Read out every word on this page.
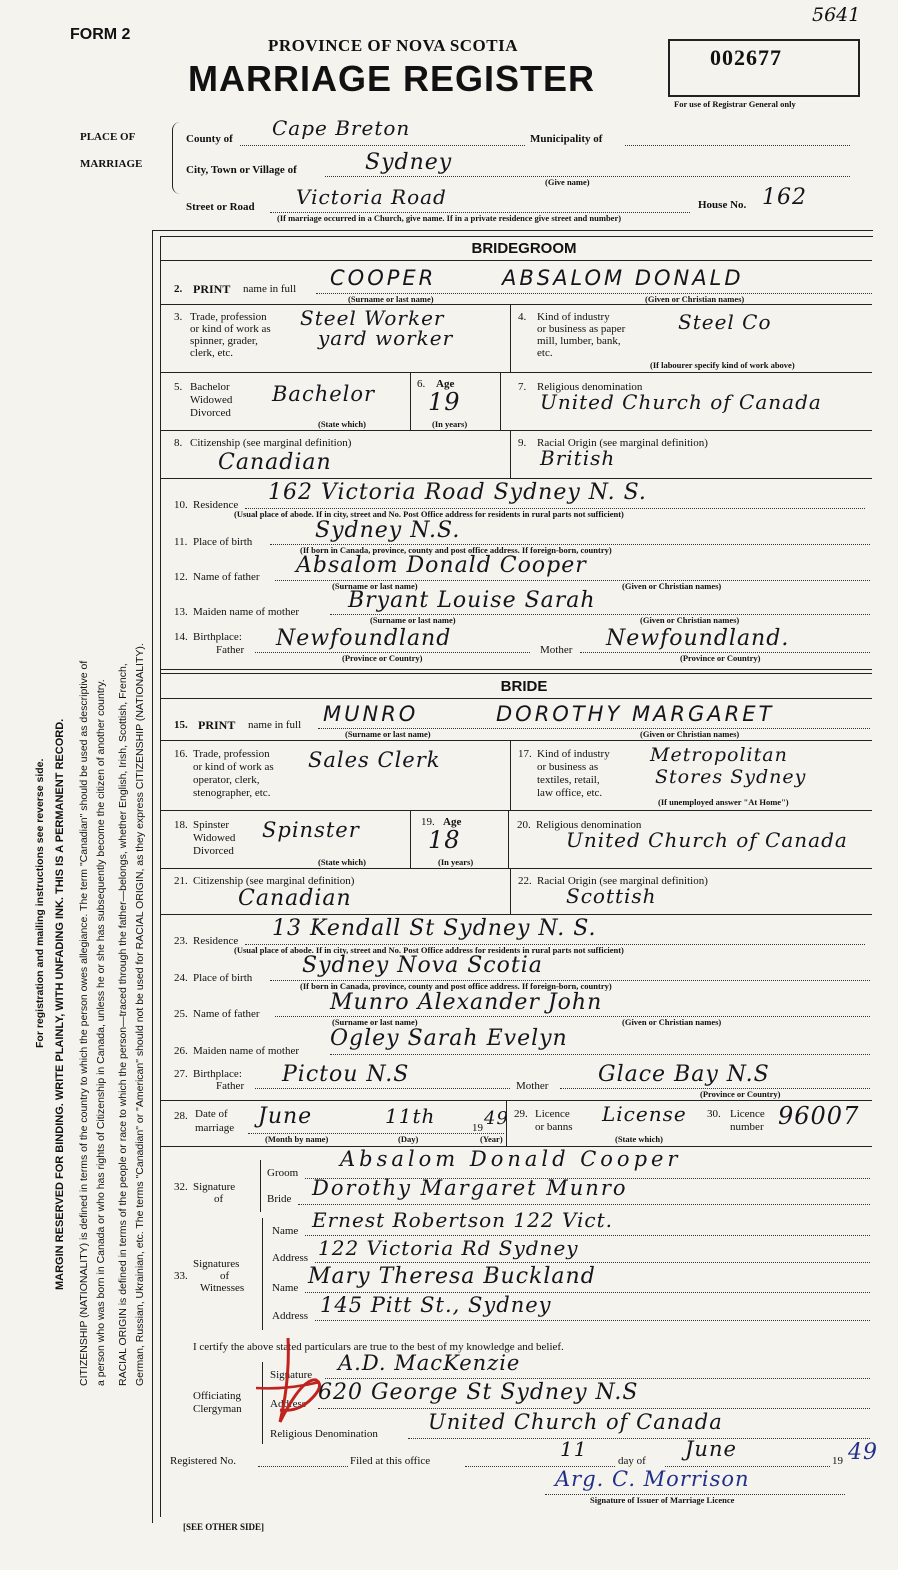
FORM 2
5641
PROVINCE OF NOVA SCOTIA
MARRIAGE REGISTER
002677
For use of Registrar General only
PLACE OF
MARRIAGE
County of Cape Breton	Municipality of
City, Town or Village of	Sydney
(Give name)
Street or Road Victoria Road	House No. 162
(If marriage occurred in a Church, give name. If in a private residence give street and number)
For registration and mailing instructions see reverse side. MARGIN RESERVED FOR BINDING. WRITE PLAINLY, WITH UNFADING INK. THIS IS A PERMANENT RECORD. CITIZENSHIP (NATIONALITY) is defined in terms of the country to which the person owes allegiance. The term "Canadian" should be used as descriptive of a person who was born in Canada or who has rights of Citizenship in Canada, unless he or she has subsequently become the citizen of another country. RACIAL ORIGIN is defined in terms of the people or race to which the person—traced through the father—belongs, whether English, Irish, Scottish, French, German, Russian, Ukrainian, etc. The terms "Canadian" or "American" should not be used for RACIAL ORIGIN, as they express CITIZENSHIP (NATIONALITY).
BRIDEGROOM
2. PRINT name in full COOPER	ABSALOM DONALD
(Surname or last name)	(Given or Christian names)
3. Trade, profession
or kind of work as
spinner, grader,
clerk, etc.
Steel Worker
yard worker
4. Kind of industry
or business as paper
mill, lumber, bank,
etc.
Steel Co
(If labourer specify kind of work above)
5. Bachelor
Widowed
Divorced
Bachelor
(State which)
6. Age
19
(In years)
7. Religious denomination
United Church of Canada
8. Citizenship (see marginal definition)
Canadian
9. Racial Origin (see marginal definition)
British
10. Residence 162 Victoria Road Sydney N. S.
(Usual place of abode. If in city, street and No. Post Office address for residents in rural parts not sufficient)
11. Place of birth	Sydney N.S.
(If born in Canada, province, county and post office address. If foreign-born, country)
12. Name of father Absalom Donald Cooper
(Surname or last name)	(Given or Christian names)
13. Maiden name of mother Bryant Louise Sarah
(Surname or last name)	(Given or Christian names)
14. Birthplace:
Father Newfoundland
(Province or Country)
Mother Newfoundland.
(Province or Country)
BRIDE
15. PRINT name in full MUNRO	DOROTHY MARGARET
(Surname or last name)	(Given or Christian names)
16. Trade, profession
or kind of work as
operator, clerk,
stenographer, etc.
Sales Clerk	17. Kind of industry
or business as
textiles, retail,
law office, etc.
Metropolitan
Stores Sydney
(If unemployed answer "At Home")
18. Spinster
Widowed
Divorced
Spinster
(State which)
19. Age
18
(In years)
20. Religious denomination
United Church of Canada
21. Citizenship (see marginal definition)
Canadian
22. Racial Origin (see marginal definition)
Scottish
23. Residence 13 Kendall St Sydney N. S.
(Usual place of abode. If in city, street and No. Post Office address for residents in rural parts not sufficient)
24. Place of birth Sydney Nova Scotia
(If born in Canada, province, county and post office address. If foreign-born, country)
25. Name of father	Munro Alexander John
(Surname or last name)	(Given or Christian names)
26. Maiden name of mother Ogley Sarah Evelyn
27. Birthplace:
Father Pictou N.S	Mother Glace Bay N.S
(Province or Country)
28. Date of
marriage June	11th	19 49
(Month by name)	(Day)	(Year)
29. Licence
or banns
License
(State which)
30. Licence
number 96007
32. Signature
of
Groom
Absalom Donald Cooper
Bride Dorothy Margaret Munro
33.
Signatures
of
Witnesses
Name Ernest Robertson 122 Vict.
Address 122 Victoria Rd Sydney
Name Mary Theresa Buckland
Address 145 Pitt St., Sydney
I certify the above stated particulars are true to the best of my knowledge and belief.
Officiating
Clergyman
Signature A.D. MacKenzie
Address 620 George St Sydney N.S
Religious Denomination United Church of Canada
Registered No.	Filed at this office	11	day of June	19 49
Arg. C. Morrison
Signature of Issuer of Marriage Licence
[SEE OTHER SIDE]
